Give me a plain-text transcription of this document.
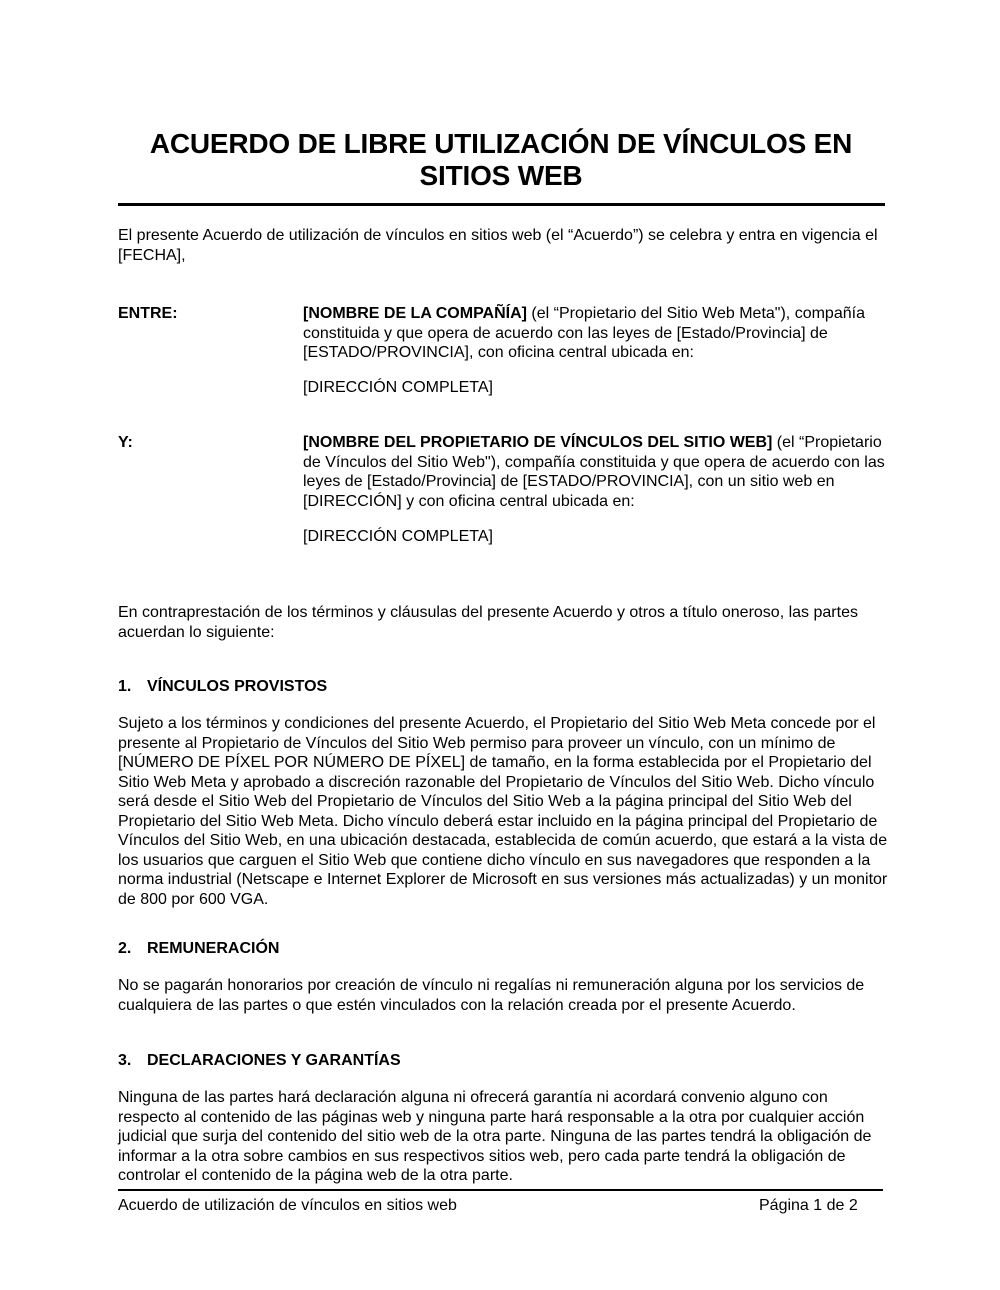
ACUERDO DE LIBRE UTILIZACIÓN DE VÍNCULOS EN SITIOS WEB
El presente Acuerdo de utilización de vínculos en sitios web (el “Acuerdo”) se celebra y entra en vigencia el [FECHA],
ENTRE:	[NOMBRE DE LA COMPAÑÍA] (el “Propietario del Sitio Web Meta"), compañía constituida y que opera de acuerdo con las leyes de [Estado/Provincia] de [ESTADO/PROVINCIA], con oficina central ubicada en:
[DIRECCIÓN COMPLETA]
Y:	[NOMBRE DEL PROPIETARIO DE VÍNCULOS DEL SITIO WEB] (el “Propietario de Vínculos del Sitio Web"), compañía constituida y que opera de acuerdo con las leyes de [Estado/Provincia] de [ESTADO/PROVINCIA], con un sitio web en [DIRECCIÓN] y con oficina central ubicada en:
[DIRECCIÓN COMPLETA]
En contraprestación de los términos y cláusulas del presente Acuerdo y otros a título oneroso, las partes acuerdan lo siguiente:
1. VÍNCULOS PROVISTOS
Sujeto a los términos y condiciones del presente Acuerdo, el Propietario del Sitio Web Meta concede por el presente al Propietario de Vínculos del Sitio Web permiso para proveer un vínculo, con un mínimo de [NÚMERO DE PÍXEL POR NÚMERO DE PÍXEL] de tamaño, en la forma establecida por el Propietario del Sitio Web Meta y aprobado a discreción razonable del Propietario de Vínculos del Sitio Web. Dicho vínculo será desde el Sitio Web del Propietario de Vínculos del Sitio Web a la página principal del Sitio Web del Propietario del Sitio Web Meta. Dicho vínculo deberá estar incluido en la página principal del Propietario de Vínculos del Sitio Web, en una ubicación destacada, establecida de común acuerdo, que estará a la vista de los usuarios que carguen el Sitio Web que contiene dicho vínculo en sus navegadores que responden a la norma industrial (Netscape e Internet Explorer de Microsoft en sus versiones más actualizadas) y un monitor de 800 por 600 VGA.
2. REMUNERACIÓN
No se pagarán honorarios por creación de vínculo ni regalías ni remuneración alguna por los servicios de cualquiera de las partes o que estén vinculados con la relación creada por el presente Acuerdo.
3. DECLARACIONES Y GARANTÍAS
Ninguna de las partes hará declaración alguna ni ofrecerá garantía ni acordará convenio alguno con respecto al contenido de las páginas web y ninguna parte hará responsable a la otra por cualquier acción judicial que surja del contenido del sitio web de la otra parte. Ninguna de las partes tendrá la obligación de informar a la otra sobre cambios en sus respectivos sitios web, pero cada parte tendrá la obligación de controlar el contenido de la página web de la otra parte.
Acuerdo de utilización de vínculos en sitios web	Página 1 de 2
